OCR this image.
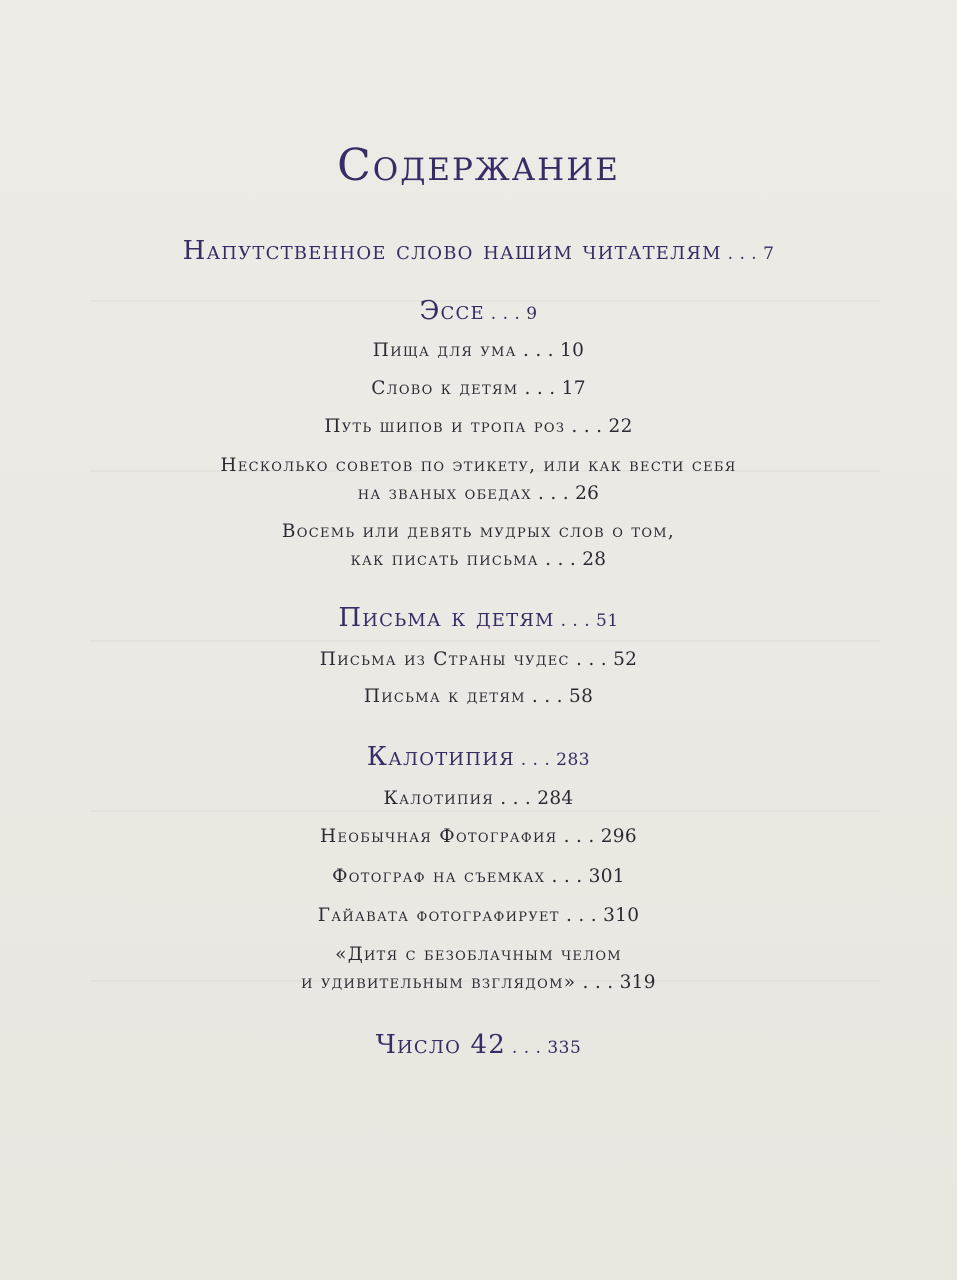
Содержание
Напутственное слово нашим читателям . . . 7
Эссе . . . 9
Пища для ума . . . 10
Слово к детям . . . 17
Путь шипов и тропа роз . . . 22
Несколько советов по этикету, или как вести себя
на званых обедах . . . 26
Восемь или девять мудрых слов о том,
как писать письма . . . 28
Письма к детям . . . 51
Письма из Страны чудес . . . 52
Письма к детям . . . 58
Калотипия . . . 283
Калотипия . . . 284
Необычная Фотография . . . 296
Фотограф на съемках . . . 301
Гайавата фотографирует . . . 310
«Дитя с безоблачным челом
и удивительным взглядом» . . . 319
Число 42 . . . 335
